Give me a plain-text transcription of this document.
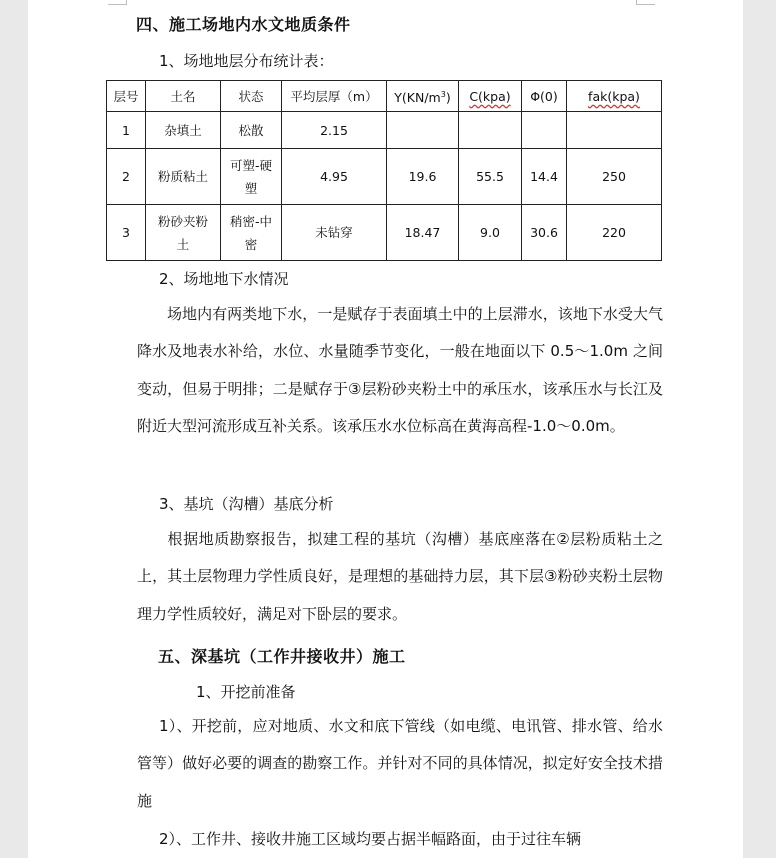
四、施工场地内水文地质条件
1、场地地层分布统计表：
层号	土名	状态	平均层厚（m）	$Y(KN/m^3)$	C(kpa)	Φ(0)	fak(kpa)
1	杂填土	松散	2.15				
2	粉质粘土	可塑-硬塑	4.95	19.6	55.5	14.4	250
3	粉砂夹粉土	稍密-中密	未钻穿	18.47	9.0	30.6	220
2、场地地下水情况
场地内有两类地下水，一是赋存于表面填土中的上层滞水，该地下水受大气降水及地表水补给，水位、水量随季节变化，一般在地面以下 0.5～1.0m 之间变动，但易于明排；二是赋存于③层粉砂夹粉土中的承压水，该承压水与长江及附近大型河流形成互补关系。该承压水水位标高在黄海高程-1.0～0.0m。
3、基坑（沟槽）基底分析
根据地质勘察报告，拟建工程的基坑（沟槽）基底座落在②层粉质粘土之上，其土层物理力学性质良好，是理想的基础持力层，其下层③粉砂夹粉土层物理力学性质较好，满足对下卧层的要求。
五、深基坑（工作井接收井）施工
1、开挖前准备
1）、开挖前，应对地质、水文和底下管线（如电缆、电讯管、排水管、给水管等）做好必要的调查的勘察工作。并针对不同的具体情况，拟定好安全技术措施
2）、工作井、接收井施工区域均要占据半幅路面，由于过往车辆
